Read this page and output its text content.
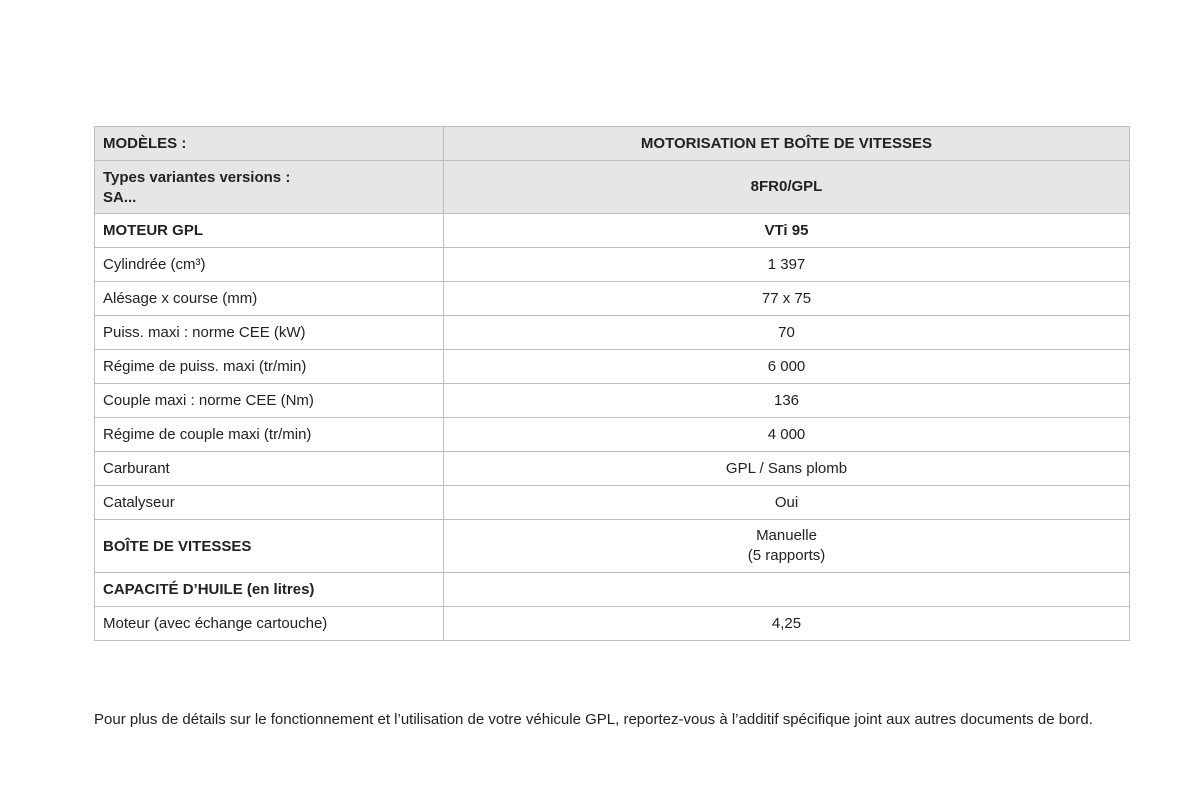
MODÈLES :	MOTORISATION ET BOÎTE DE VITESSES
Types variantes versions :
SA...	8FR0/GPL
MOTEUR GPL	VTi 95
Cylindrée (cm³)	1 397
Alésage x course (mm)	77 x 75
Puiss. maxi : norme CEE (kW)	70
Régime de puiss. maxi (tr/min)	6 000
Couple maxi : norme CEE (Nm)	136
Régime de couple maxi (tr/min)	4 000
Carburant	GPL / Sans plomb
Catalyseur	Oui
BOÎTE DE VITESSES	Manuelle
(5 rapports)
CAPACITÉ D’HUILE (en litres)	
Moteur (avec échange cartouche)	4,25
Pour plus de détails sur le fonctionnement et l’utilisation de votre véhicule GPL, reportez-vous à l’additif spécifique joint aux autres documents de bord.
